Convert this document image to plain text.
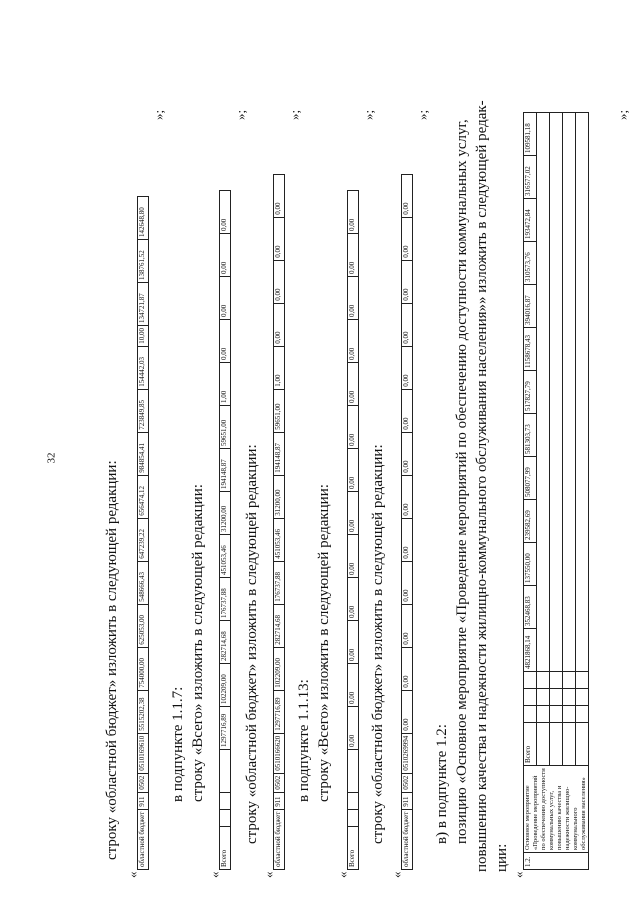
32
строку «областной бюджет» изложить в следующей редакции:
«
областной бюджет	911	0502	0510169610	5515202,38	754000,00	625053,00	548666,43	647239,22	656474,12	984854,41	723849,85	154442,03	10,00	134721,87	138761,52	142648,80
»;
в подпункте 1.1.7: строку «Всего» изложить в следующей редакции:
«
Всего				1297716,89	102209,00	282714,68	176737,88	451053,46	31200,00	194148,87	59651,00	1,00	0,00	0,00	0,00	0,00
»;
строку «областной бюджет» изложить в следующей редакции:
«
областной бюджет	911	0502	0510166620	1297716,89	102209,00	282714,68	176737,88	451053,46	31200,00	194148,87	59651,00	1,00	0,00	0,00	0,00	0,00
»;
в подпункте 1.1.13: строку «Всего» изложить в следующей редакции:
«
Всего				0,00	0,00	0,00	0,00	0,00	0,00	0,00	0,00	0,00	0,00	0,00	0,00	0,00
»;
строку «областной бюджет» изложить в следующей редакции:
«
областной бюджет	911	0502	0510269994	0,00	0,00	0,00	0,00	0,00	0,00	0,00	0,00	0,00	0,00	0,00	0,00	0,00
»;
в) в подпункте 1.2: позицию «Основное мероприятие «Проведение мероприятий по обеспечению доступности коммунальных услуг, повышению качества и надежности жилищно-коммунального обслуживания населения»» изложить в следующей редак- ции:
«
1.2.	Основное мероприятие «Проведение мероприятий по обеспечению доступности коммунальных услуг, повышению качества и надежности жилищно-коммунального обслуживания населения»	Всего				4821868,14	352468,83	137550,00	239582,69	508077,99	581303,73	517827,79	1158678,43	394016,87	310573,76	193472,84	316577,02	109581,18

»;
